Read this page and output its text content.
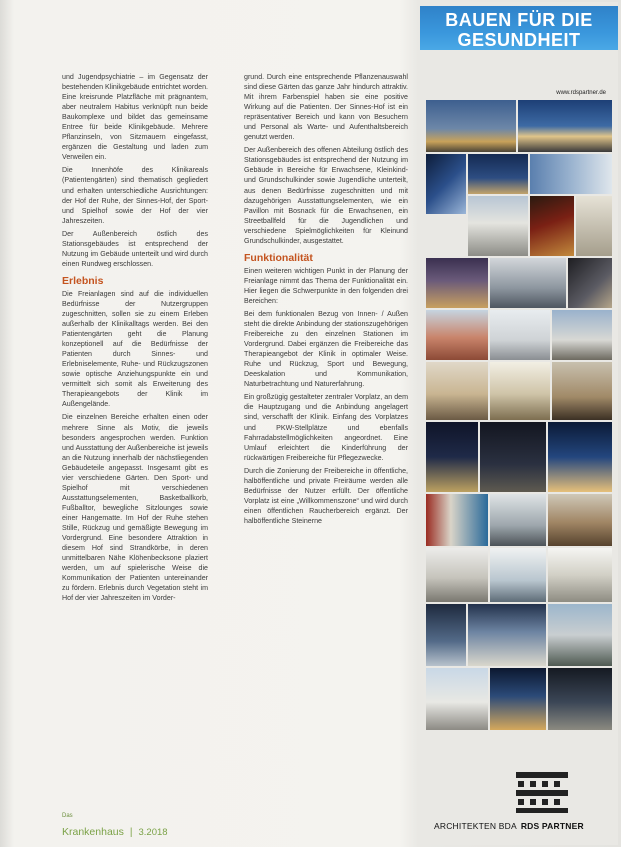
und Jugendpsychiatrie – im Gegensatz der bestehenden Klinikgebäude entrichtet worden. Eine kreisrunde Platzfläche mit prägnantem, aber neutralem Habitus verknüpft nun beide Baukomplexe und bildet das gemeinsame Entree für beide Klinikgebäude. Mehrere Pflanzinseln, von Sitzmauern eingefasst, ergänzen die Gestaltung und laden zum Verweilen ein.

Die Innenhöfe des Klinikareals (Patientengärten) sind thematisch gegliedert und erhalten unterschiedliche Ausrichtungen: der Hof der Ruhe, der Sinnes-Hof, der Sport- und Spielhof sowie der Hof der vier Jahreszeiten.

Der Außenbereich östlich des Stationsgebäudes ist entsprechend der Nutzung im Gebäude unterteilt und wird durch einen Rundweg erschlossen.

Erlebnis

Die Freianlagen sind auf die individuellen Bedürfnisse der Nutzergruppen zugeschnitten, sollen sie zu einem Erleben außerhalb der Klinikalltags werden. Bei den Patientengärten geht die Planung konzeptionell auf die Bedürfnisse der Patienten durch Sinnes- und Erlebniselemente, Ruhe- und Rückzugszonen sowie optische Anziehungspunkte ein und vermittelt sich somit als Erweiterung des Therapieangebots der Klinik im Außengelände.

Die einzelnen Bereiche erhalten einen oder mehrere Sinne als Motiv, die jeweils besonders angesprochen werden. Funktion und Ausstattung der Außenbereiche ist jeweils an die Nutzung innerhalb der nächstliegenden Gebäudeteile angepasst. Insgesamt gibt es vier verschiedene Gärten. Den Sport- und Spielhof mit verschiedenen Ausstattungselementen, Basketballkorb, Fußballtor, bewegliche Sitzlounges sowie einer Hangematte. Im Hof der Ruhe stehen Stille, Rückzug und gemäßigte Bewegung im Vordergrund. Eine besondere Attraktion in diesem Hof sind Strandkörbe, in deren unmittelbaren Nähe Klöhenbecksone plaziert werden, um auf spielerische Weise die Kommunikation der Patienten untereinander zu fördern. Erlebnis durch Vegetation steht im Hof der vier Jahreszeiten im Vorder-

grund. Durch eine entsprechende Pflanzenauswahl sind diese Gärten das ganze Jahr hindurch attraktiv. Mit ihrem Farbenspiel haben sie eine positive Wirkung auf die Patienten. Der Sinnes-Hof ist ein repräsentativer Bereich und kann von Besuchern und Personal als Warte- und Aufenthaltsbereich genutzt werden.

Der Außenbereich des offenen Abteilung östlich des Stationsgebäudes ist entsprechend der Nutzung im Gebäude in Bereiche für Erwachsene, Kleinkind- und Grundschulkinder sowie Jugendliche unterteilt, aus denen Bedürfnisse zugeschnitten und mit dazugehörigen Ausstattungselementen, wie ein Pavillon mit Bosnack für die Erwachsenen, ein Streetballfeld für die Jugendlichen und verschiedene Spielmöglichkeiten für Kleinund Grundschulkinder, ausgestattet.

Funktionalität

Einen weiteren wichtigen Punkt in der Planung der Freianlage nimmt das Thema der Funktionalität ein. Hier liegen die Schwerpunkte in den folgenden drei Bereichen:

Bei dem funktionalen Bezug von Innen- / Außen steht die direkte Anbindung der stationszugehörigen Freibereiche zu den einzelnen Stationen im Vordergrund. Dabei ergänzen die Freibereiche das Therapieangebot der Klinik in optimaler Weise. Ruhe und Rückzug, Sport und Bewegung, Deeskalation und Kommunikation, Naturbetrachtung und Naturerfahrung.

Ein großzügig gestalteter zentraler Vorplatz, an dem die Hauptzugang und die Anbindung angelagert sind, verschafft der Klinik. Einfang des Vorplatzes und PKW-Stellplätze und ebenfalls Fahrradabstellmöglichkeiten angeordnet. Eine Umlauf erleichtert die Kinderführung der rückwärtigen Freibereiche für Pflegezwecke.

Durch die Zonierung der Freibereiche in öffentliche, halböffentliche und private Freiräume werden alle Bedürfnisse der Nutzer erfüllt. Der öffentliche Vorplatz ist eine „Willkommenszone“ und wird durch einen öffentlichen Raucherbereich ergänzt. Der halböffentliche Steinerne

Das
Krankenhaus | 3.2018
BAUEN FÜR DIE
GESUNDHEIT
www.rdspartner.de
ARCHITEKTEN BDA RDS PARTNER
